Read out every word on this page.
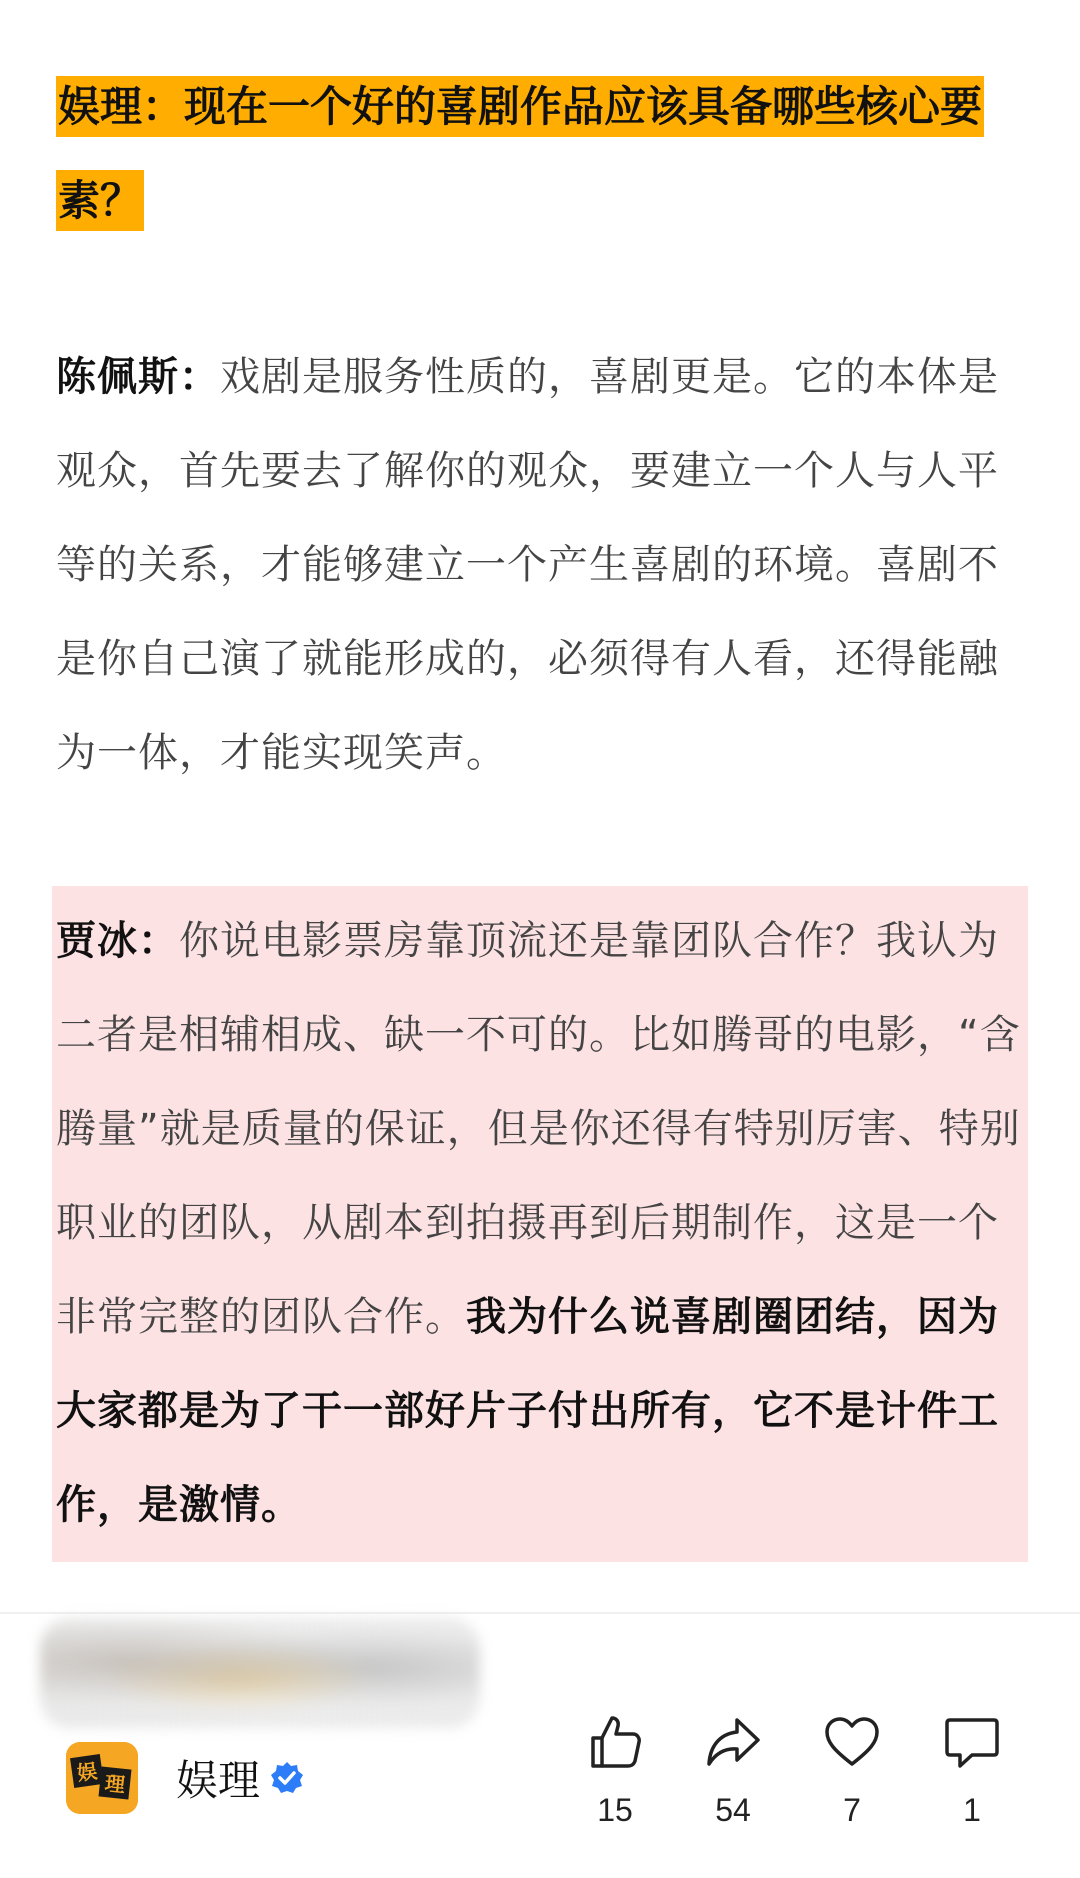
娱理：现在一个好的喜剧作品应该具备哪些核心要素？
陈佩斯：戏剧是服务性质的，喜剧更是。它的本体是观众，首先要去了解你的观众，要建立一个人与人平等的关系，才能够建立一个产生喜剧的环境。喜剧不是你自己演了就能形成的，必须得有人看，还得能融为一体，才能实现笑声。
贾冰：你说电影票房靠顶流还是靠团队合作？我认为二者是相辅相成、缺一不可的。比如腾哥的电影，“含腾量”就是质量的保证，但是你还得有特别厉害、特别职业的团队，从剧本到拍摄再到后期制作，这是一个非常完整的团队合作。我为什么说喜剧圈团结，因为大家都是为了干一部好片子付出所有，它不是计件工作，是激情。
娱 理 娱理
15	54	7	1
